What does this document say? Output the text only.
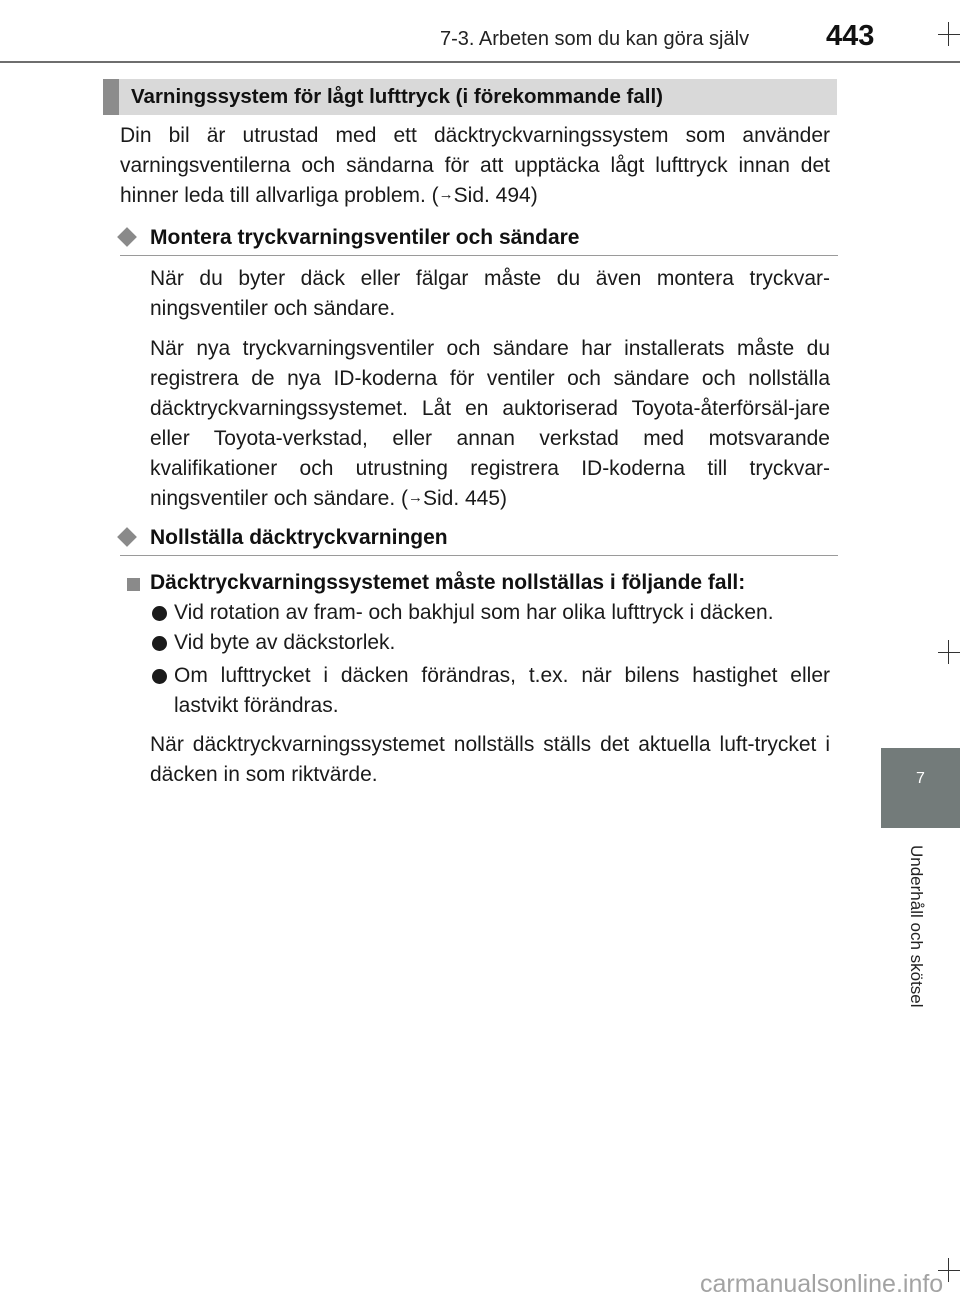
7-3. Arbeten som du kan göra själv	443
Varningssystem för lågt lufttryck (i förekommande fall)

Din bil är utrustad med ett däcktryckvarningssystem som använder varningsventilerna och sändarna för att upptäcka lågt lufttryck innan det hinner leda till allvarliga problem. (→Sid. 494)

Montera tryckvarningsventiler och sändare

När du byter däck eller fälgar måste du även montera tryckvar-ningsventiler och sändare.

När nya tryckvarningsventiler och sändare har installerats måste du registrera de nya ID-koderna för ventiler och sändare och nollställa däcktryckvarningssystemet. Låt en auktoriserad Toyota-återförsäl-jare eller Toyota-verkstad, eller annan verkstad med motsvarande kvalifikationer och utrustning registrera ID-koderna till tryckvar-ningsventiler och sändare. (→Sid. 445)

Nollställa däcktryckvarningen
Däcktryckvarningssystemet måste nollställas i följande fall:

Vid rotation av fram- och bakhjul som har olika lufttryck i däcken.

Vid byte av däckstorlek.

Om lufttrycket i däcken förändras, t.ex. när bilens hastighet eller lastvikt förändras.

När däcktryckvarningssystemet nollställs ställs det aktuella luft-trycket i däcken in som riktvärde.	7
Underhåll och skötsel
carmanualsonline.info
